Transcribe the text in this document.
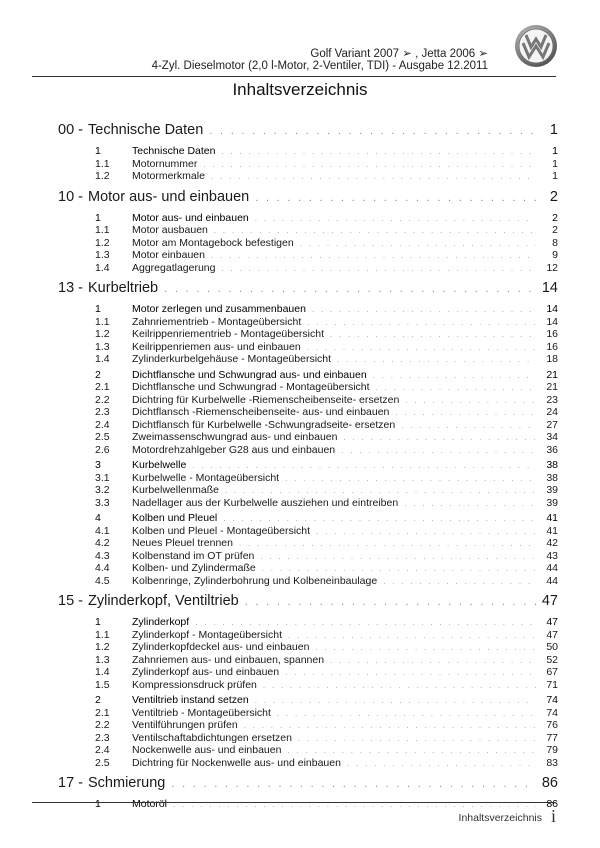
Golf Variant 2007 ➢ , Jetta 2006 ➢
4-Zyl. Dieselmotor (2,0 l-Motor, 2-Ventiler, TDI) - Ausgabe 12.2011
Inhaltsverzeichnis
00 - Technische Daten . . .	1
1	Technische Daten . . .	1
1.1	Motornummer . . .	1
1.2	Motormerkmale . . .	1
10 - Motor aus- und einbauen . . .	2
1	Motor aus- und einbauen . . .	2
1.1	Motor ausbauen . . .	2
1.2	Motor am Montagebock befestigen . . .	8
1.3	Motor einbauen . . .	9
1.4	Aggregatlagerung . . .	12
13 - Kurbeltrieb . . .	14
1	Motor zerlegen und zusammenbauen . . .	14
1.1	Zahnriementrieb - Montageübersicht . . .	14
1.2	Keilrippenriementrieb - Montageübersicht . . .	16
1.3	Keilrippenriemen aus- und einbauen . . .	16
1.4	Zylinderkurbelgehäuse - Montageübersicht . . .	18
2	Dichtflansche und Schwungrad aus- und einbauen . . .	21
2.1	Dichtflansche und Schwungrad - Montageübersicht . . .	21
2.2	Dichtring für Kurbelwelle -Riemenscheibenseite- ersetzen . . .	23
2.3	Dichtflansch -Riemenscheibenseite- aus- und einbauen . . .	24
2.4	Dichtflansch für Kurbelwelle -Schwungradseite- ersetzen . . .	27
2.5	Zweimassenschwungrad aus- und einbauen . . .	34
2.6	Motordrehzahlgeber G28 aus und einbauen . . .	36
3	Kurbelwelle . . .	38
3.1	Kurbelwelle - Montageübersicht . . .	38
3.2	Kurbelwellenmaße . . .	39
3.3	Nadellager aus der Kurbelwelle ausziehen und eintreiben . . .	39
4	Kolben und Pleuel . . .	41
4.1	Kolben und Pleuel - Montageübersicht . . .	41
4.2	Neues Pleuel trennen . . .	42
4.3	Kolbenstand im OT prüfen . . .	43
4.4	Kolben- und Zylindermaße . . .	44
4.5	Kolbenringe, Zylinderbohrung und Kolbeneinbaulage . . .	44
15 - Zylinderkopf, Ventiltrieb . . .	47
1	Zylinderkopf . . .	47
1.1	Zylinderkopf - Montageübersicht . . .	47
1.2	Zylinderkopfdeckel aus- und einbauen . . .	50
1.3	Zahnriemen aus- und einbauen, spannen . . .	52
1.4	Zylinderkopf aus- und einbauen . . .	67
1.5	Kompressionsdruck prüfen . . .	71
2	Ventiltrieb instand setzen . . .	74
2.1	Ventiltrieb - Montageübersicht . . .	74
2.2	Ventilführungen prüfen . . .	76
2.3	Ventilschaftabdichtungen ersetzen . . .	77
2.4	Nockenwelle aus- und einbauen . . .	79
2.5	Dichtring für Nockenwelle aus- und einbauen . . .	83
17 - Schmierung . . .	86
1	Motoröl . . .	86
Inhaltsverzeichnis i
